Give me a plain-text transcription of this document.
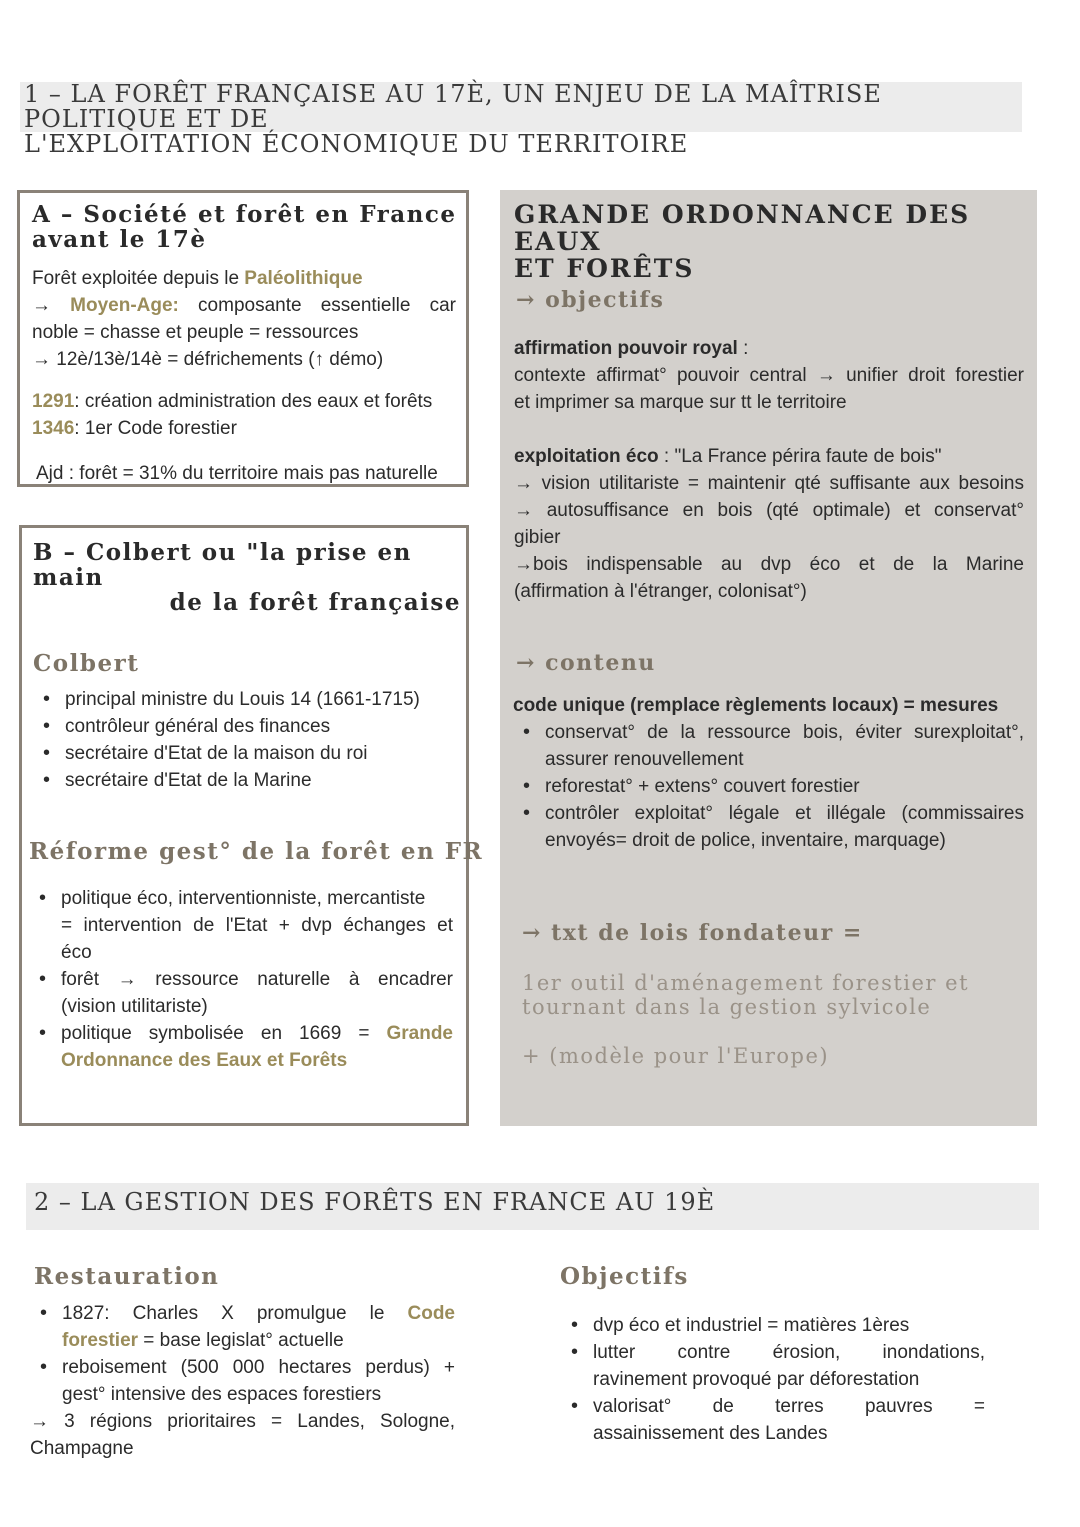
1 – LA FORÊT FRANÇAISE AU 17È, UN ENJEU DE LA MAÎTRISE POLITIQUE ET DE
L'EXPLOITATION ÉCONOMIQUE DU TERRITOIRE
A – Société et forêt en France
avant le 17è
Forêt exploitée depuis le Paléolithique
→ Moyen-Age: composante essentielle car
noble = chasse et peuple = ressources
→ 12è/13è/14è = défrichements (↑ démo)
1291: création administration des eaux et forêts
1346: 1er Code forestier
Ajd : forêt = 31% du territoire mais pas naturelle
B – Colbert ou "la prise en main
de la forêt française
Colbert
• principal ministre du Louis 14 (1661-1715)
• contrôleur général des finances
• secrétaire d'Etat de la maison du roi
• secrétaire d'Etat de la Marine
Réforme gest° de la forêt en FR
• politique éco, interventionniste, mercantiste
= intervention de l'Etat + dvp échanges et
éco
• forêt → ressource naturelle à encadrer
(vision utilitariste)
• politique symbolisée en 1669 = Grande
Ordonnance des Eaux et Forêts
GRANDE ORDONNANCE DES EAUX
ET FORÊTS
→ objectifs
affirmation pouvoir royal :
contexte affirmat° pouvoir central → unifier droit forestier
et imprimer sa marque sur tt le territoire
exploitation éco : "La France périra faute de bois"
→ vision utilitariste = maintenir qté suffisante aux besoins
→ autosuffisance en bois (qté optimale) et conservat°
gibier
→bois indispensable au dvp éco et de la Marine
(affirmation à l'étranger, colonisat°)
→ contenu
code unique (remplace règlements locaux) = mesures
• conservat° de la ressource bois, éviter surexploitat°,
assurer renouvellement
• reforestat° + extens° couvert forestier
• contrôler exploitat° légale et illégale (commissaires
envoyés= droit de police, inventaire, marquage)
→ txt de lois fondateur =
1er outil d'aménagement forestier et
tournant dans la gestion sylvicole
+ (modèle pour l'Europe)
2 – LA GESTION DES FORÊTS EN FRANCE AU 19È
Restauration
• 1827: Charles X promulgue le Code
forestier = base legislat° actuelle
• reboisement (500 000 hectares perdus) +
gest° intensive des espaces forestiers
→ 3 régions prioritaires = Landes, Sologne,
Champagne
Objectifs
• dvp éco et industriel = matières 1ères
• lutter contre érosion, inondations,
ravinement provoqué par déforestation
• valorisat° de terres pauvres =
assainissement des Landes
